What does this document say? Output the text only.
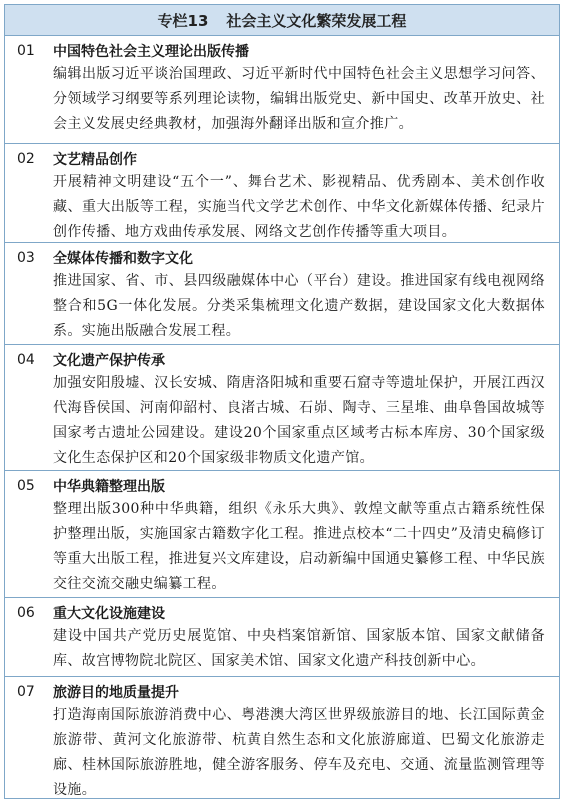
专栏13 社会主义文化繁荣发展工程
01	中国特色社会主义理论出版传播
编辑出版习近平谈治国理政、习近平新时代中国特色社会主义思想学习问答、分领域学习纲要等系列理论读物，编辑出版党史、新中国史、改革开放史、社会主义发展史经典教材，加强海外翻译出版和宣介推广。
02	文艺精品创作
开展精神文明建设“五个一”、舞台艺术、影视精品、优秀剧本、美术创作收藏、重大出版等工程，实施当代文学艺术创作、中华文化新媒体传播、纪录片创作传播、地方戏曲传承发展、网络文艺创作传播等重大项目。
03	全媒体传播和数字文化
推进国家、省、市、县四级融媒体中心（平台）建设。推进国家有线电视网络整合和5G一体化发展。分类采集梳理文化遗产数据，建设国家文化大数据体系。实施出版融合发展工程。
04	文化遗产保护传承
加强安阳殷墟、汉长安城、隋唐洛阳城和重要石窟寺等遗址保护，开展江西汉代海昏侯国、河南仰韶村、良渚古城、石峁、陶寺、三星堆、曲阜鲁国故城等国家考古遗址公园建设。建设20个国家重点区域考古标本库房、30个国家级文化生态保护区和20个国家级非物质文化遗产馆。
05	中华典籍整理出版
整理出版300种中华典籍，组织《永乐大典》、敦煌文献等重点古籍系统性保护整理出版，实施国家古籍数字化工程。推进点校本“二十四史”及清史稿修订等重大出版工程，推进复兴文库建设，启动新编中国通史纂修工程、中华民族交往交流交融史编纂工程。
06	重大文化设施建设
建设中国共产党历史展览馆、中央档案馆新馆、国家版本馆、国家文献储备库、故宫博物院北院区、国家美术馆、国家文化遗产科技创新中心。
07	旅游目的地质量提升
打造海南国际旅游消费中心、粤港澳大湾区世界级旅游目的地、长江国际黄金旅游带、黄河文化旅游带、杭黄自然生态和文化旅游廊道、巴蜀文化旅游走廊、桂林国际旅游胜地，健全游客服务、停车及充电、交通、流量监测管理等设施。
